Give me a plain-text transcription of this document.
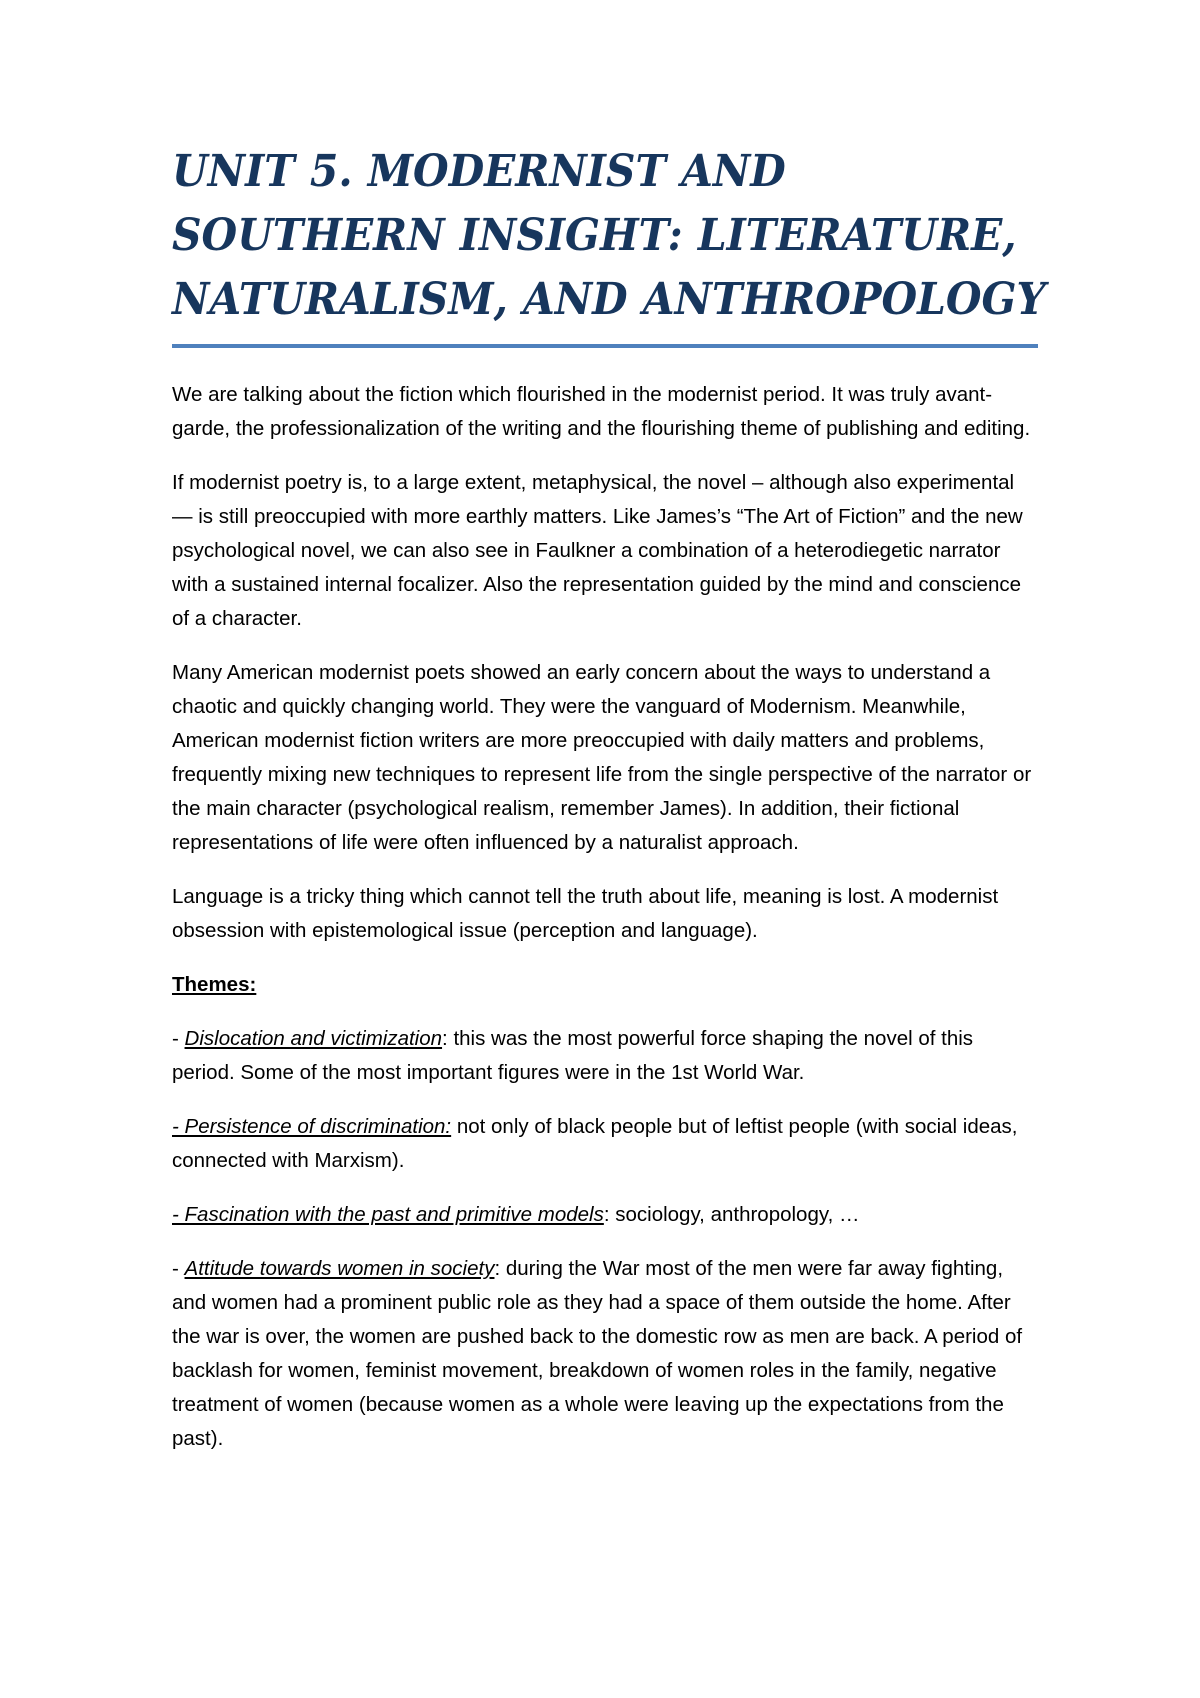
UNIT 5. MODERNIST AND SOUTHERN INSIGHT: LITERATURE, NATURALISM, AND ANTHROPOLOGY

We are talking about the fiction which flourished in the modernist period. It was truly avant-garde, the professionalization of the writing and the flourishing theme of publishing and editing.

If modernist poetry is, to a large extent, metaphysical, the novel – although also experimental — is still preoccupied with more earthly matters. Like James’s “The Art of Fiction” and the new psychological novel, we can also see in Faulkner a combination of a heterodiegetic narrator with a sustained internal focalizer. Also the representation guided by the mind and conscience of a character.

Many American modernist poets showed an early concern about the ways to understand a chaotic and quickly changing world. They were the vanguard of Modernism. Meanwhile, American modernist fiction writers are more preoccupied with daily matters and problems, frequently mixing new techniques to represent life from the single perspective of the narrator or the main character (psychological realism, remember James). In addition, their fictional representations of life were often influenced by a naturalist approach.

Language is a tricky thing which cannot tell the truth about life, meaning is lost. A modernist obsession with epistemological issue (perception and language).

Themes:

- Dislocation and victimization: this was the most powerful force shaping the novel of this period. Some of the most important figures were in the 1st World War.

- Persistence of discrimination: not only of black people but of leftist people (with social ideas, connected with Marxism).

- Fascination with the past and primitive models: sociology, anthropology, …

- Attitude towards women in society: during the War most of the men were far away fighting, and women had a prominent public role as they had a space of them outside the home. After the war is over, the women are pushed back to the domestic row as men are back. A period of backlash for women, feminist movement, breakdown of women roles in the family, negative treatment of women (because women as a whole were leaving up the expectations from the past).
